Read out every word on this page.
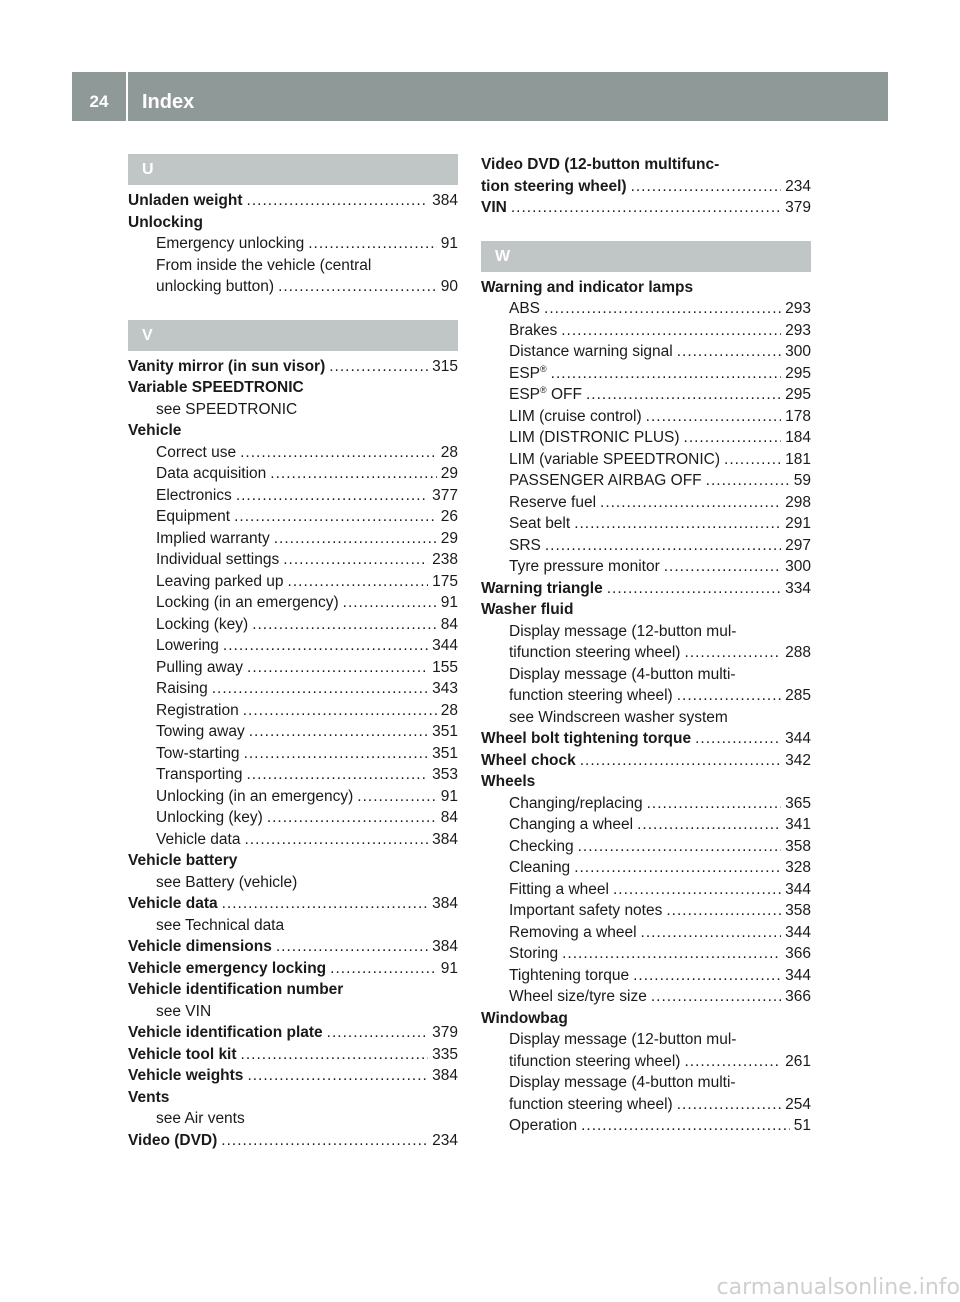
24	Index
U
Unladen weight .....	384
Unlocking
Emergency unlocking .....	91
From inside the vehicle (central
unlocking button) .....	90
V
Vanity mirror (in sun visor) .....	315
Variable SPEEDTRONIC
see SPEEDTRONIC
Vehicle
Correct use .....	28
Data acquisition .....	29
Electronics .....	377
Equipment .....	26
Implied warranty .....	29
Individual settings .....	238
Leaving parked up .....	175
Locking (in an emergency) .....	91
Locking (key) .....	84
Lowering .....	344
Pulling away .....	155
Raising .....	343
Registration .....	28
Towing away .....	351
Tow-starting .....	351
Transporting .....	353
Unlocking (in an emergency) .....	91
Unlocking (key) .....	84
Vehicle data .....	384
Vehicle battery
see Battery (vehicle)
Vehicle data .....	384
see Technical data
Vehicle dimensions .....	384
Vehicle emergency locking .....	91
Vehicle identification number
see VIN
Vehicle identification plate .....	379
Vehicle tool kit .....	335
Vehicle weights .....	384
Vents
see Air vents
Video (DVD) .....	234
Video DVD (12-button multifunc-
tion steering wheel) .....	234
VIN .....	379
W
Warning and indicator lamps
ABS .....	293
Brakes .....	293
Distance warning signal .....	300
ESP® .....	295
ESP® OFF .....	295
LIM (cruise control) .....	178
LIM (DISTRONIC PLUS) .....	184
LIM (variable SPEEDTRONIC) .....	181
PASSENGER AIRBAG OFF .....	59
Reserve fuel .....	298
Seat belt .....	291
SRS .....	297
Tyre pressure monitor .....	300
Warning triangle .....	334
Washer fluid
Display message (12-button mul-
tifunction steering wheel) .....	288
Display message (4-button multi-
function steering wheel) .....	285
see Windscreen washer system
Wheel bolt tightening torque .....	344
Wheel chock .....	342
Wheels
Changing/replacing .....	365
Changing a wheel .....	341
Checking .....	358
Cleaning .....	328
Fitting a wheel .....	344
Important safety notes .....	358
Removing a wheel .....	344
Storing .....	366
Tightening torque .....	344
Wheel size/tyre size .....	366
Windowbag
Display message (12-button mul-
tifunction steering wheel) .....	261
Display message (4-button multi-
function steering wheel) .....	254
Operation .....	51
carmanualsonline.info
